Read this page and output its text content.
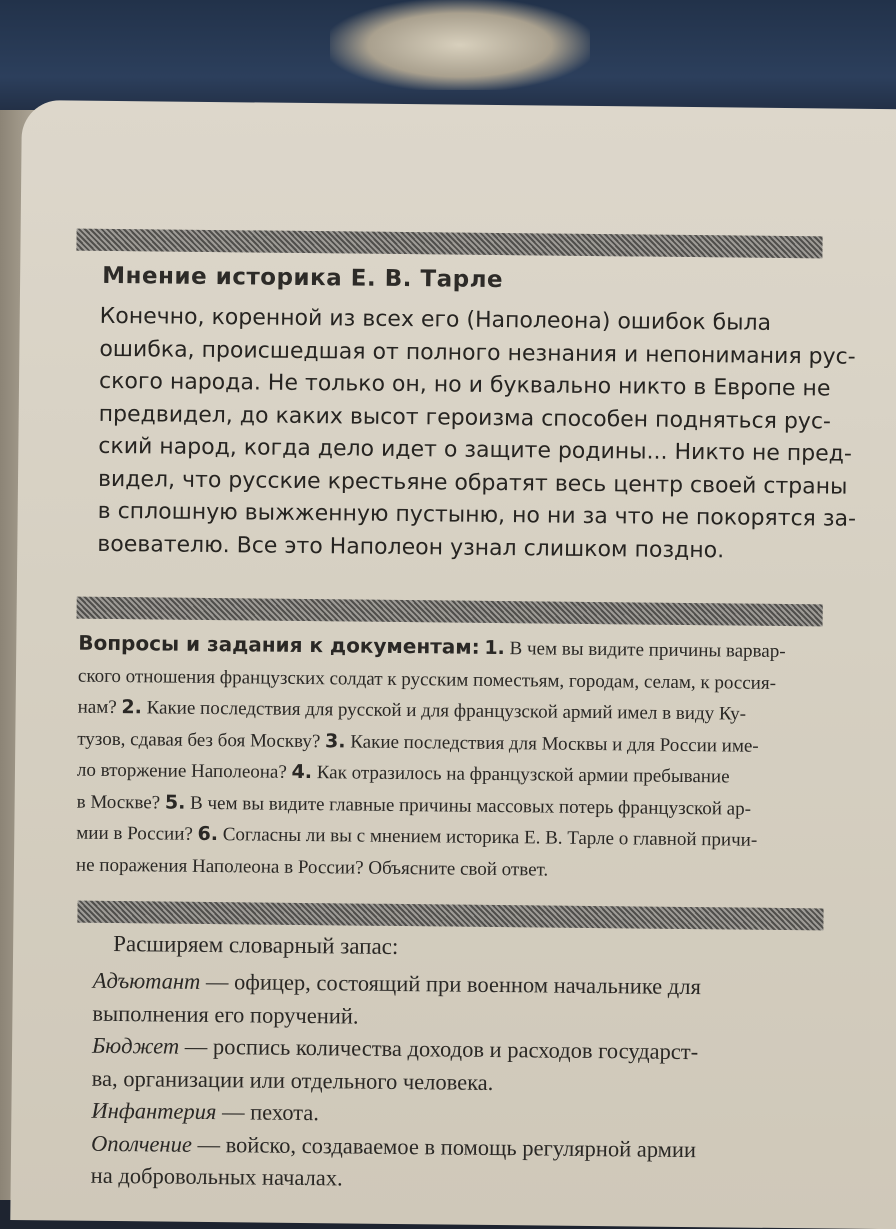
Мнение историка Е. В. Тарле

Конечно, коренной из всех его (Наполеона) ошибок была
ошибка, происшедшая от полного незнания и непонимания рус-
ского народа. Не только он, но и буквально никто в Европе не
предвидел, до каких высот героизма способен подняться рус-
ский народ, когда дело идет о защите родины... Никто не пред-
видел, что русские крестьяне обратят весь центр своей страны
в сплошную выжженную пустыню, но ни за что не покорятся за-
воевателю. Все это Наполеон узнал слишком поздно.

Вопросы и задания к документам: 1. В чем вы видите причины варвар-
ского отношения французских солдат к русским поместьям, городам, селам, к россия-
нам? 2. Какие последствия для русской и для французской армий имел в виду Ку-
тузов, сдавая без боя Москву? 3. Какие последствия для Москвы и для России име-
ло вторжение Наполеона? 4. Как отразилось на французской армии пребывание
в Москве? 5. В чем вы видите главные причины массовых потерь французской ар-
мии в России? 6. Согласны ли вы с мнением историка Е. В. Тарле о главной причи-
не поражения Наполеона в России? Объясните свой ответ.
Расширяем словарный запас:
Адъютант — офицер, состоящий при военном начальнике для
выполнения его поручений.
Бюджет — роспись количества доходов и расходов государст-
ва, организации или отдельного человека.
Инфантерия — пехота.
Ополчение — войско, создаваемое в помощь регулярной армии
на добровольных началах.
